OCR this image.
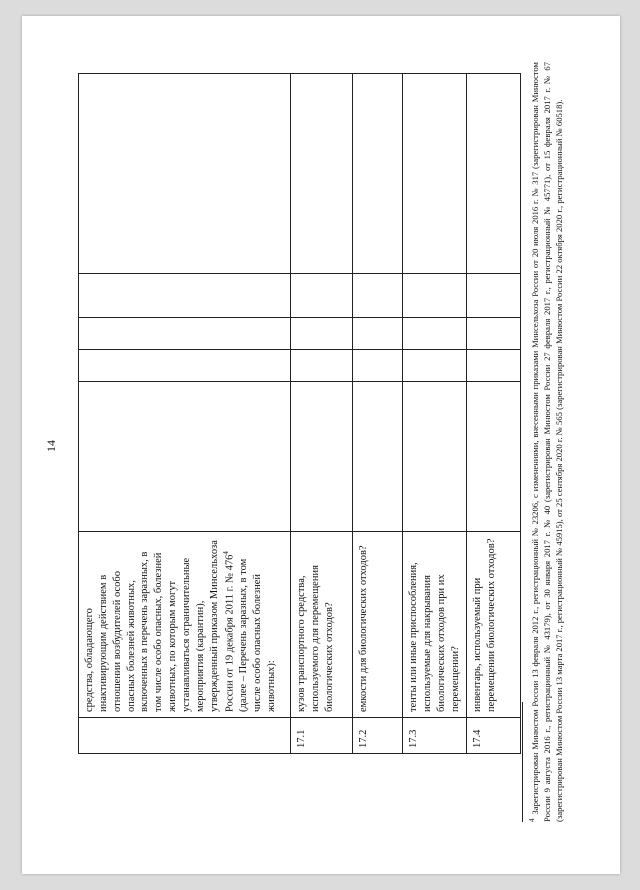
14
	средства, обладающего инактивирующим действием в отношении возбудителей особо опасных болезней животных, включенных в перечень заразных, в том числе особо опасных, болезней животных, по которым могут устанавливаться ограничительные мероприятия (карантин), утвержденный приказом Минсельхоза России от 19 декабря 2011 г. № 476$^4$ (далее – Перечень заразных, в том числе особо опасных болезней животных):					
17.1	кузов транспортного средства, используемого для перемещения биологических отходов?					
17.2	емкости для биологических отходов?					
17.3	тенты или иные приспособления, используемые для накрывания биологических отходов при их перемещении?					
17.4	инвентарь, используемый при перемещении биологических отходов?					
$^4$Зарегистрирован Минюстом России 13 февраля 2012 г., регистрационный № 23206, с изменениями, внесенными приказами Минсельхоза России от 20 июля 2016 г. № 317 (зарегистрирован Минюстом России 9 августа 2016 г., регистрационный № 43179), от 30 января 2017 г. № 40 (зарегистрирован Минюстом России 27 февраля 2017 г., регистрационный № 45771), от 15 февраля 2017 г. № 67 (зарегистрирован Минюстом России 13 марта 2017 г., регистрационный № 45915), от 25 сентября 2020 г. № 565 (зарегистрирован Минюстом России 22 октября 2020 г., регистрационный № 60518).
